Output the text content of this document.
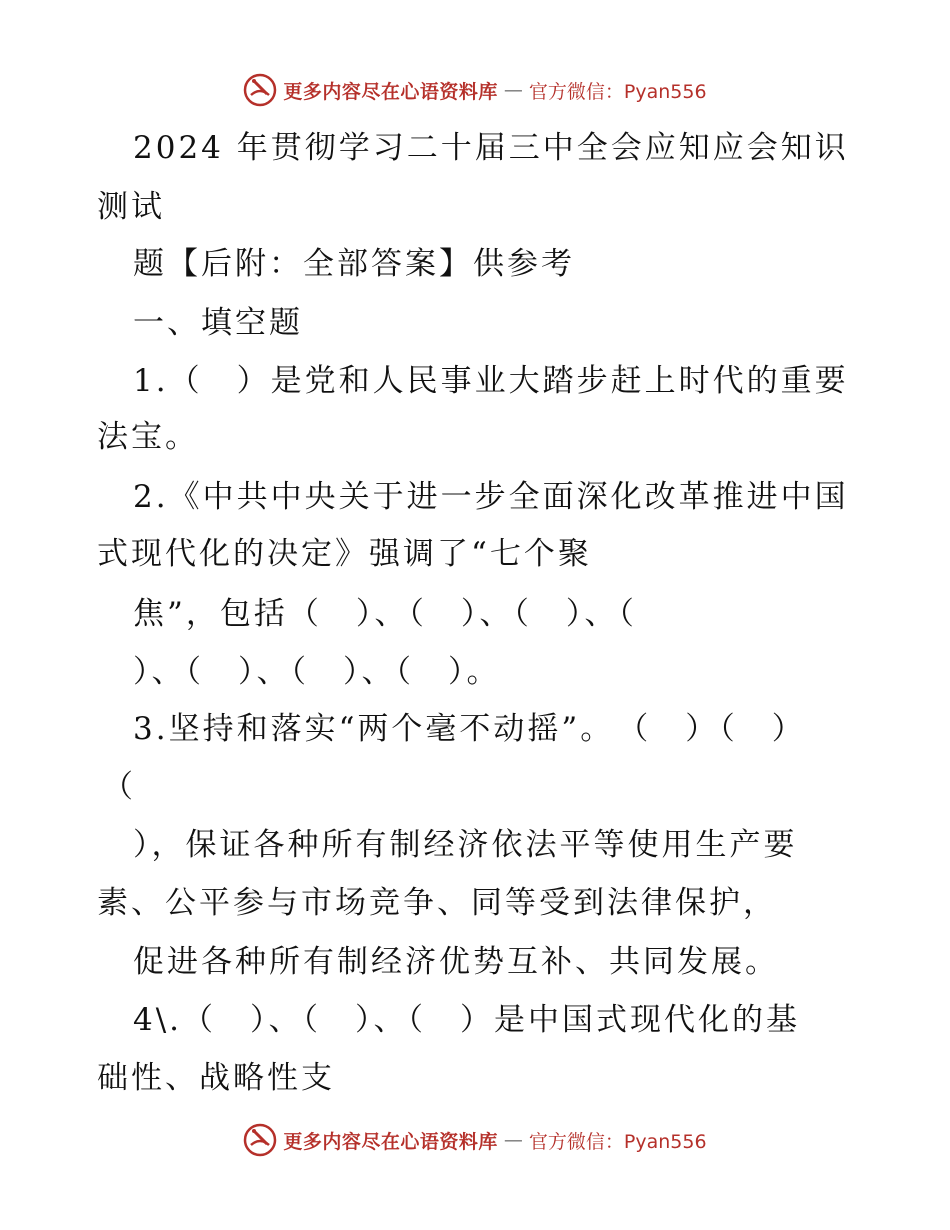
更多内容尽在心语资料库 — 官方微信：Pyan556
2024 年贯彻学习二十届三中全会应知应会知识
测试
题【后附：全部答案】供参考
一、填空题
1.（　）是党和人民事业大踏步赶上时代的重要
法宝。
2.《中共中央关于进一步全面深化改革推进中国
式现代化的决定》强调了“七个聚
焦”，包括（　）、（　）、（　）、（
）、（　）、（　）、（　）。
3.坚持和落实“两个毫不动摇”。　（　）（　）
（
），保证各种所有制经济依法平等使用生产要
素、公平参与市场竞争、同等受到法律保护，
促进各种所有制经济优势互补、共同发展。
4\.（　）、（　）、（　）是中国式现代化的基
础性、战略性支
更多内容尽在心语资料库 — 官方微信：Pyan556
